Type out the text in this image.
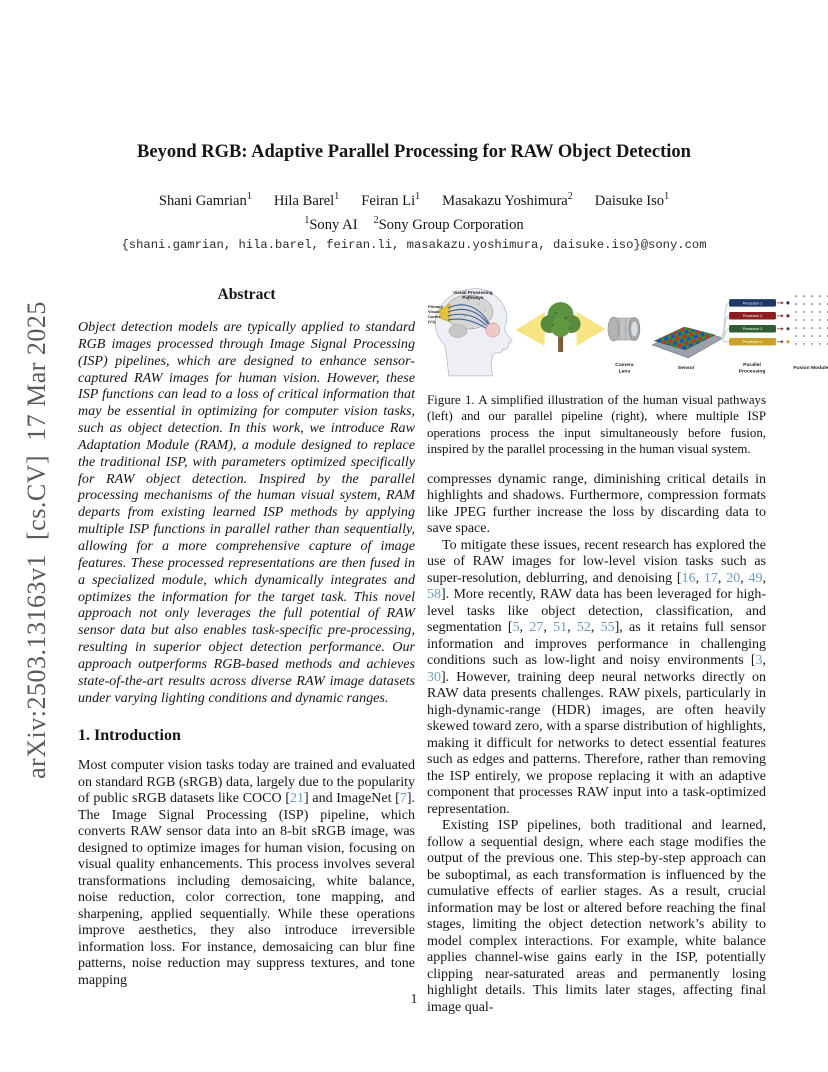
arXiv:2503.13163v1  [cs.CV]  17 Mar 2025
Beyond RGB: Adaptive Parallel Processing for RAW Object Detection
Shani Gamrian$^1$ Hila Barel$^1$ Feiran Li$^1$ Masakazu Yoshimura$^2$ Daisuke Iso$^1$
$^1$Sony AI $^2$Sony Group Corporation
{shani.gamrian, hila.barel, feiran.li, masakazu.yoshimura, daisuke.iso}@sony.com
Abstract

Object detection models are typically applied to standard RGB images processed through Image Signal Processing (ISP) pipelines, which are designed to enhance sensor-captured RAW images for human vision. However, these ISP functions can lead to a loss of critical information that may be essential in optimizing for computer vision tasks, such as object detection. In this work, we introduce Raw Adaptation Module (RAM), a module designed to replace the traditional ISP, with parameters optimized specifically for RAW object detection. Inspired by the parallel processing mechanisms of the human visual system, RAM departs from existing learned ISP methods by applying multiple ISP functions in parallel rather than sequentially, allowing for a more comprehensive capture of image features. These processed representations are then fused in a specialized module, which dynamically integrates and optimizes the information for the target task. This novel approach not only leverages the full potential of RAW sensor data but also enables task-specific pre-processing, resulting in superior object detection performance. Our approach outperforms RGB-based methods and achieves state-of-the-art results across diverse RAW image datasets under varying lighting conditions and dynamic ranges.

1. Introduction

Most computer vision tasks today are trained and evaluated on standard RGB (sRGB) data, largely due to the popularity of public sRGB datasets like COCO [21] and ImageNet [7]. The Image Signal Processing (ISP) pipeline, which converts RAW sensor data into an 8-bit sRGB image, was designed to optimize images for human vision, focusing on visual quality enhancements. This process involves several transformations including demosaicing, white balance, noise reduction, color correction, tone mapping, and sharpening, applied sequentially. While these operations improve aesthetics, they also introduce irreversible information loss. For instance, demosaicing can blur fine patterns, noise reduction may suppress textures, and tone mapping

Visual Processing
Pathways
Primary
Visual
Cortex
(V1)
Processor 1
Processor 2
Processor 3
Processor 4
Camera
Lens
Sensor	Parallel
Processing
Fusion Module

Figure 1. A simplified illustration of the human visual pathways (left) and our parallel pipeline (right), where multiple ISP operations process the input simultaneously before fusion, inspired by the parallel processing in the human visual system.

compresses dynamic range, diminishing critical details in highlights and shadows. Furthermore, compression formats like JPEG further increase the loss by discarding data to save space.

To mitigate these issues, recent research has explored the use of RAW images for low-level vision tasks such as super-resolution, deblurring, and denoising [16, 17, 20, 49, 58]. More recently, RAW data has been leveraged for high-level tasks like object detection, classification, and segmentation [5, 27, 51, 52, 55], as it retains full sensor information and improves performance in challenging conditions such as low-light and noisy environments [3, 30]. However, training deep neural networks directly on RAW data presents challenges. RAW pixels, particularly in high-dynamic-range (HDR) images, are often heavily skewed toward zero, with a sparse distribution of highlights, making it difficult for networks to detect essential features such as edges and patterns. Therefore, rather than removing the ISP entirely, we propose replacing it with an adaptive component that processes RAW input into a task-optimized representation.

Existing ISP pipelines, both traditional and learned, follow a sequential design, where each stage modifies the output of the previous one. This step-by-step approach can be suboptimal, as each transformation is influenced by the cumulative effects of earlier stages. As a result, crucial information may be lost or altered before reaching the final stages, limiting the object detection network’s ability to model complex interactions. For example, white balance applies channel-wise gains early in the ISP, potentially clipping near-saturated areas and permanently losing highlight details. This limits later stages, affecting final image qual-

1
